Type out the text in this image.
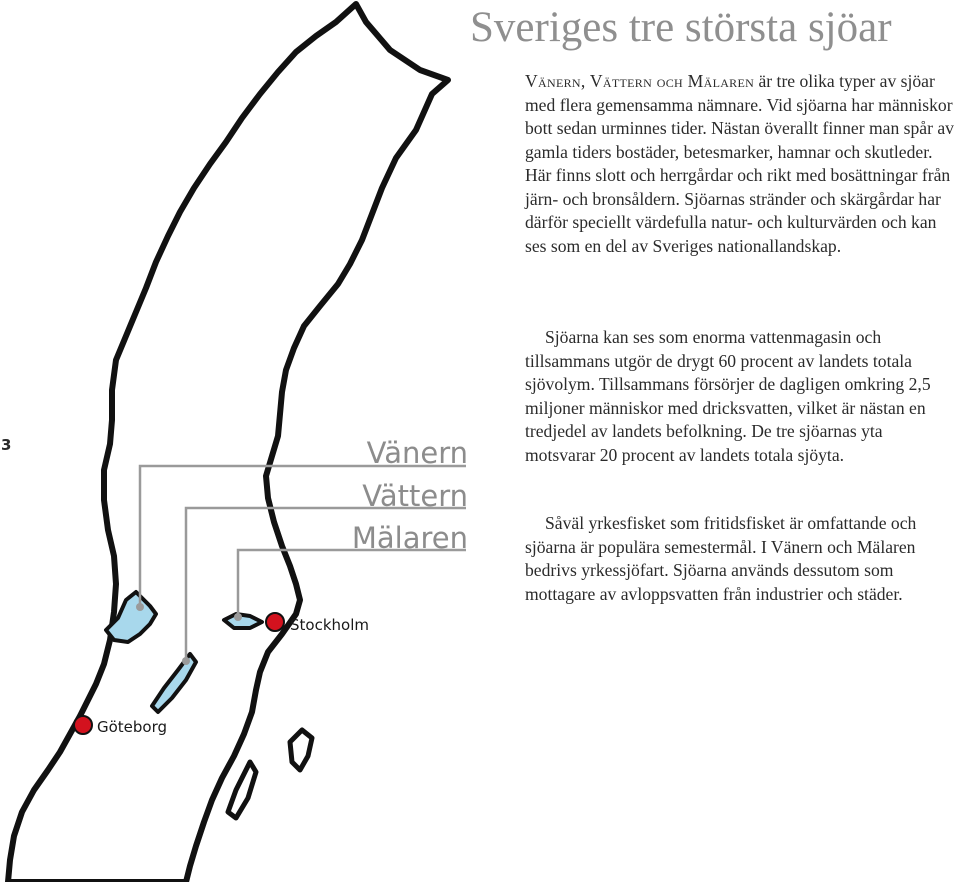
3
Sveriges tre största sjöar

Vänern, Vättern och Mälaren är tre olika typer av sjöar med flera gemensamma nämnare. Vid sjöarna har människor bott sedan urminnes tider. Nästan överallt finner man spår av gamla tiders bostäder, betesmarker, hamnar och skutleder. Här finns slott och herrgårdar och rikt med bosättningar från järn- och bronsåldern. Sjöarnas stränder och skärgårdar har därför speciellt värdefulla natur- och kulturvärden och kan ses som en del av Sveriges nationallandskap.

Sjöarna kan ses som enorma vattenmagasin och tillsammans utgör de drygt 60 procent av landets totala sjövolym. Tillsammans försörjer de dagligen omkring 2,5 miljoner människor med dricksvatten, vilket är nästan en tredjedel av landets befolkning. De tre sjöarnas yta motsvarar 20 procent av landets totala sjöyta.

Såväl yrkesfisket som fritidsfisket är omfattande och sjöarna är populära semestermål. I Vänern och Mälaren bedrivs yrkessjöfart. Sjöarna används dessutom som mottagare av avloppsvatten från industrier och städer.

Vänern
Vättern
Mälaren
Stockholm
Göteborg
